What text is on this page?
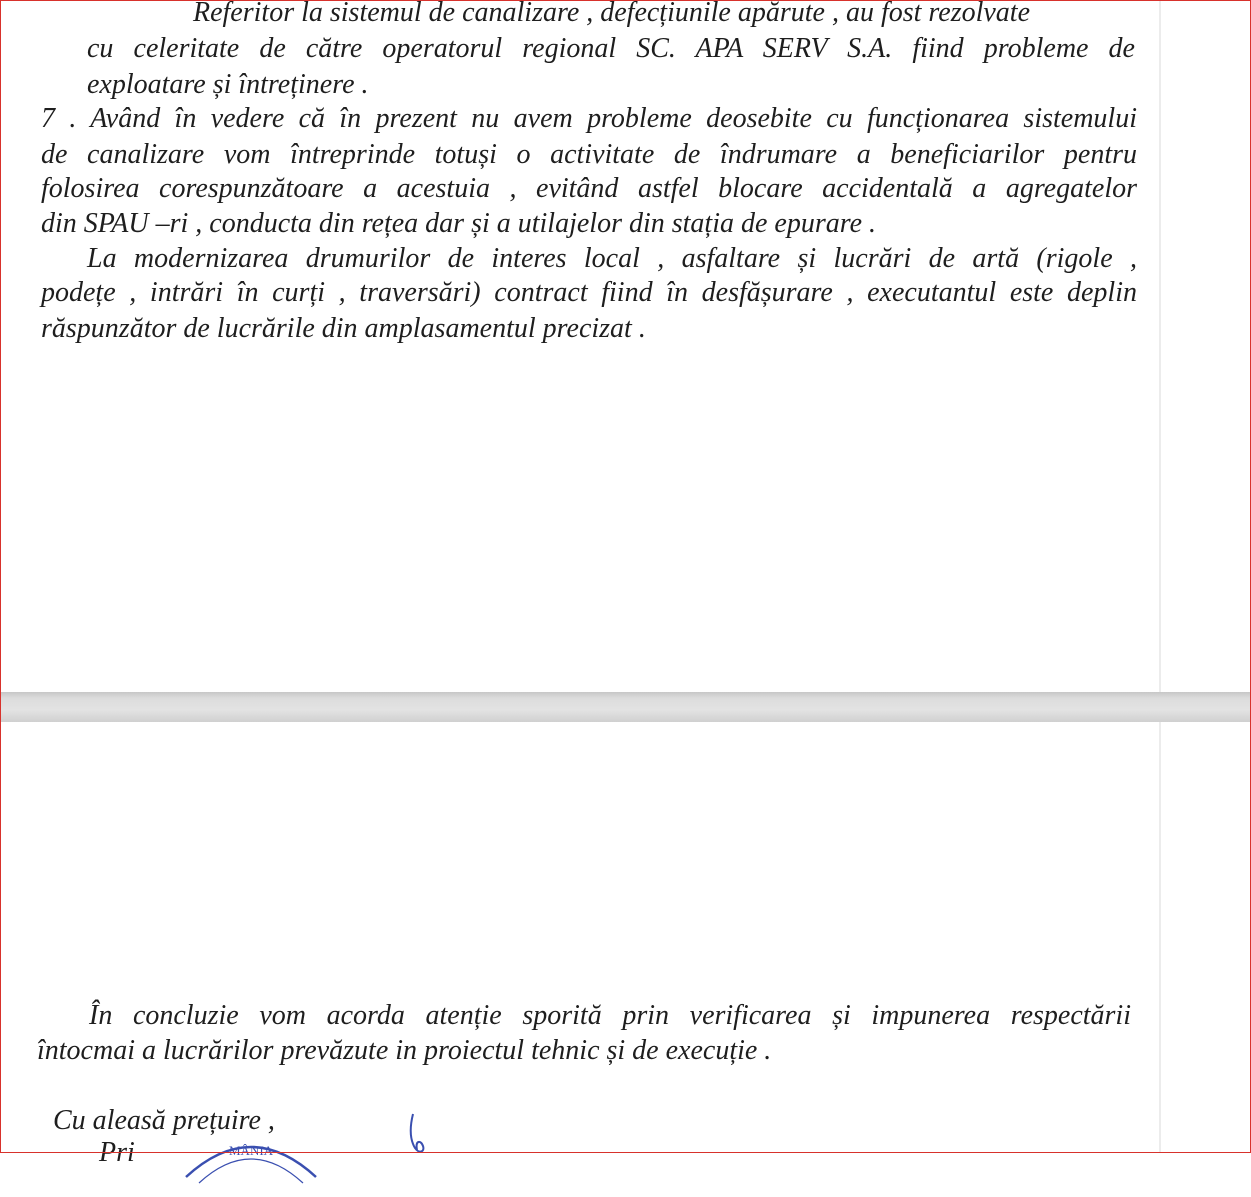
Referitor la sistemul de canalizare , defecțiunile apărute , au fost rezolvate
cu celeritate de către operatorul regional SC. APA SERV S.A. fiind probleme de
exploatare și întreținere .
7 . Având în vedere că în prezent nu avem probleme deosebite cu funcționarea sistemului
de canalizare vom întreprinde totuși o activitate de îndrumare a beneficiarilor pentru
folosirea corespunzătoare a acestuia , evitând astfel blocare accidentală a agregatelor
din SPAU –ri , conducta din rețea dar și a utilajelor din stația de epurare .
La modernizarea drumurilor de interes local , asfaltare și lucrări de artă (rigole ,
podețe , intrări în curți , traversări) contract fiind în desfășurare , executantul este deplin
răspunzător de lucrările din amplasamentul precizat .
În concluzie vom acorda atenție sporită prin verificarea și impunerea respectării
întocmai a lucrărilor prevăzute in proiectul tehnic și de execuție .
Cu aleasă prețuire ,
Pri	MÂNIA
